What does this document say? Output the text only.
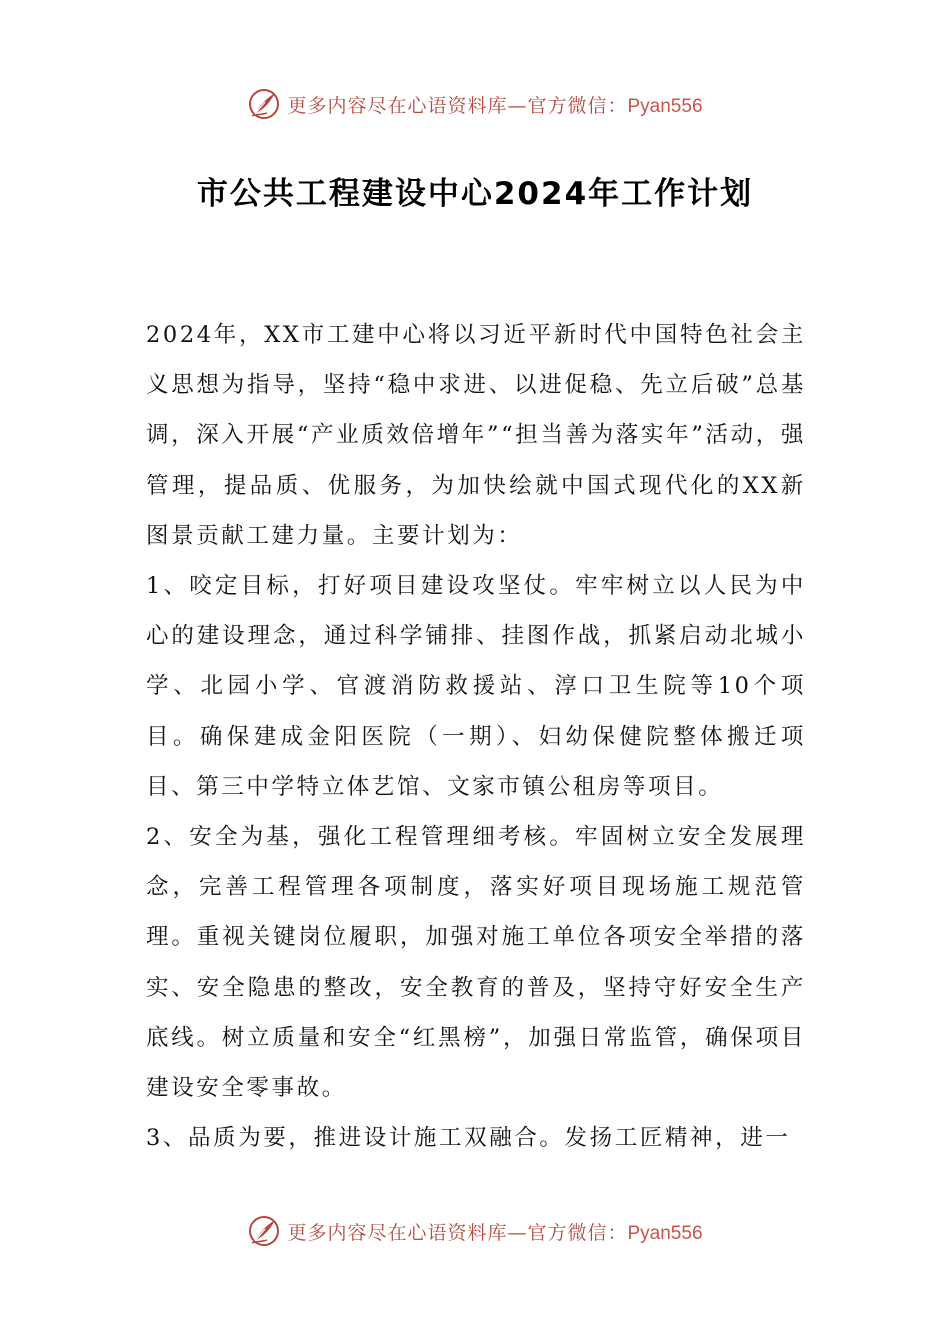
更多内容尽在心语资料库—官方微信：Pyan556
市公共工程建设中心2024年工作计划

2024年，XX市工建中心将以习近平新时代中国特色社会主义思想为指导，坚持“稳中求进、以进促稳、先立后破”总基调，深入开展“产业质效倍增年”“担当善为落实年”活动，强管理，提品质、优服务，为加快绘就中国式现代化的XX新图景贡献工建力量。主要计划为：

1、咬定目标，打好项目建设攻坚仗。牢牢树立以人民为中心的建设理念，通过科学铺排、挂图作战，抓紧启动北城小学、北园小学、官渡消防救援站、淳口卫生院等10个项目。确保建成金阳医院（一期）、妇幼保健院整体搬迁项目、第三中学特立体艺馆、文家市镇公租房等项目。

2、安全为基，强化工程管理细考核。牢固树立安全发展理念，完善工程管理各项制度，落实好项目现场施工规范管理。重视关键岗位履职，加强对施工单位各项安全举措的落实、安全隐患的整改，安全教育的普及，坚持守好安全生产底线。树立质量和安全“红黑榜”，加强日常监管，确保项目建设安全零事故。

3、品质为要，推进设计施工双融合。发扬工匠精神，进一

更多内容尽在心语资料库—官方微信：Pyan556
